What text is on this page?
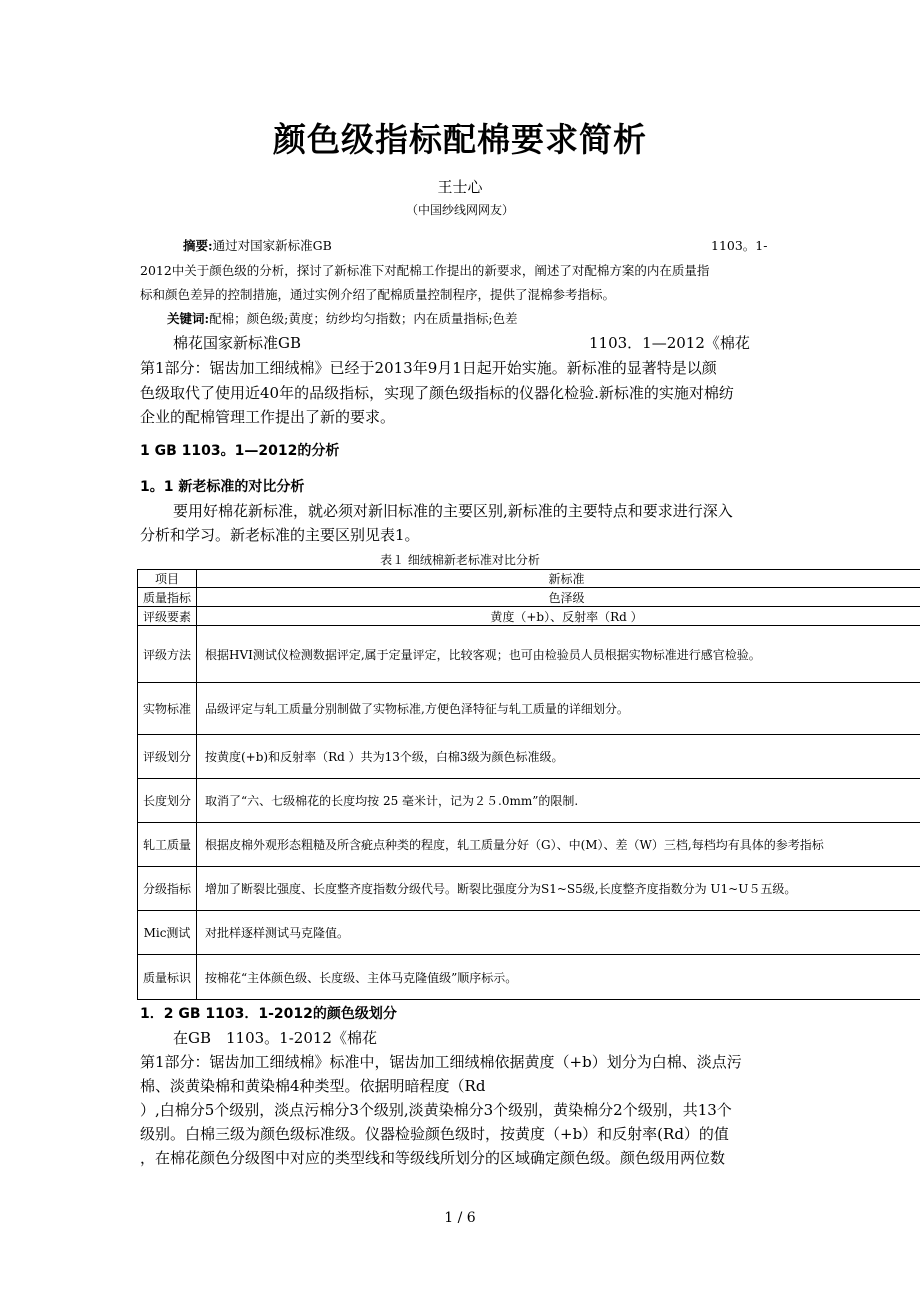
颜色级指标配棉要求简析
王士心
（中国纱线网网友）
摘要:通过对国家新标准GB	1103。1-
2012中关于颜色级的分析，探讨了新标准下对配棉工作提出的新要求，阐述了对配棉方案的内在质量指
标和颜色差异的控制措施，通过实例介绍了配棉质量控制程序，提供了混棉参考指标。
关键词:配棉；颜色级;黄度；纺纱均匀指数；内在质量指标;色差
棉花国家新标准GB	1103．1—2012《棉花
第1部分：锯齿加工细绒棉》已经于2013年9月1日起开始实施。新标准的显著特是以颜
色级取代了使用近40年的品级指标，实现了颜色级指标的仪器化检验.新标准的实施对棉纺
企业的配棉管理工作提出了新的要求。
1 GB 1103。1—2012的分析
1。1 新老标准的对比分析
要用好棉花新标准，就必须对新旧标准的主要区别,新标准的主要特点和要求进行深入
分析和学习。新老标准的主要区别见表1。
表１ 细绒棉新老标准对比分析
项目	新标准
质量指标	色泽级
评级要素	黄度（+b）、反射率（Rd ）
评级方法	根据HVI测试仪检测数据评定,属于定量评定，比较客观；也可由检验员人员根据实物标准进行感官检验。
实物标准	品级评定与轧工质量分别制做了实物标准,方便色泽特征与轧工质量的详细划分。
评级划分	按黄度(+b)和反射率（Rd ）共为13个级，白棉3级为颜色标准级。
长度划分	取消了“六、七级棉花的长度均按 25 毫米计，记为２５.0mm”的限制.
轧工质量	根据皮棉外观形态粗糙及所含疵点种类的程度，轧工质量分好（G）、中(M）、差（W）三档,每档均有具体的参考指标
分级指标	增加了断裂比强度、长度整齐度指数分级代号。断裂比强度分为S1~S5级,长度整齐度指数分为 U1~U５五级。
Mic测试	对批样逐样测试马克隆值。
质量标识	按棉花“主体颜色级、长度级、主体马克隆值级”顺序标示。
1．2 GB 1103．1-2012的颜色级划分
在GB　1103。1-2012《棉花
第1部分：锯齿加工细绒棉》标准中，锯齿加工细绒棉依据黄度（+b）划分为白棉、淡点污
棉、淡黄染棉和黄染棉4种类型。依据明暗程度（Rd
）,白棉分5个级别，淡点污棉分3个级别,淡黄染棉分3个级别，黄染棉分2个级别，共13个
级别。白棉三级为颜色级标准级。仪器检验颜色级时，按黄度（+b）和反射率(Rd）的值
，在棉花颜色分级图中对应的类型线和等级线所划分的区域确定颜色级。颜色级用两位数
1 / 6
